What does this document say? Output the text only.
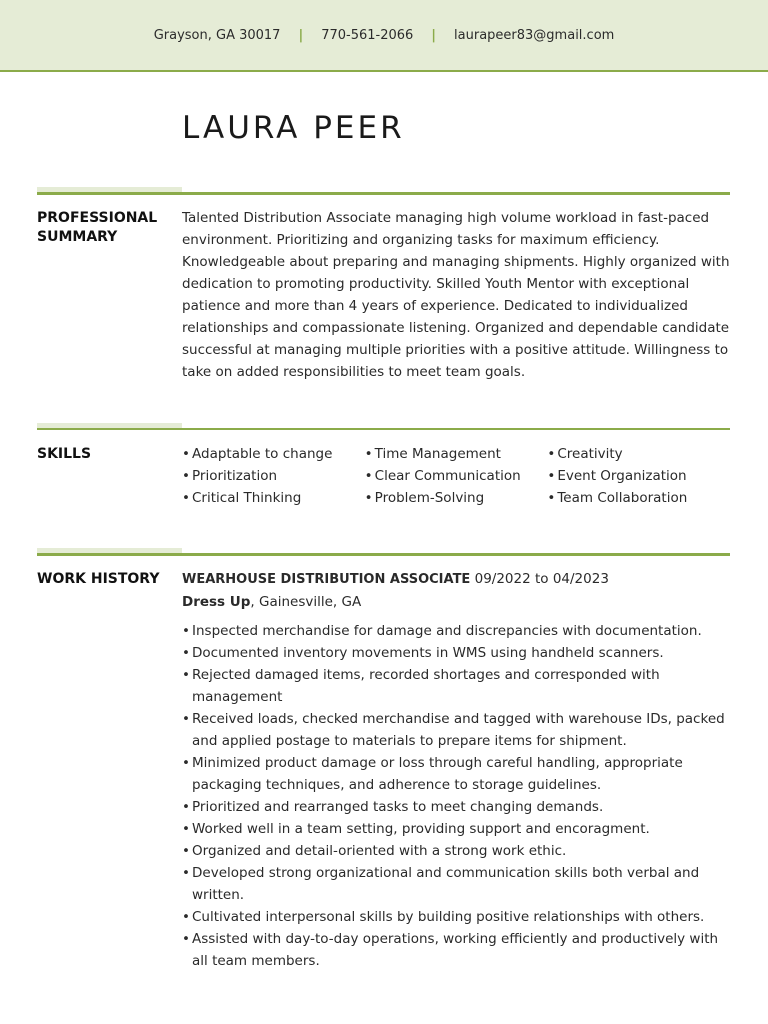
Grayson, GA 30017 | 770-561-2066 | laurapeer83@gmail.com
LAURA PEER
PROFESSIONAL SUMMARY

Talented Distribution Associate managing high volume workload in fast-paced environment. Prioritizing and organizing tasks for maximum efficiency. Knowledgeable about preparing and managing shipments. Highly organized with dedication to promoting productivity. Skilled Youth Mentor with exceptional patience and more than 4 years of experience. Dedicated to individualized relationships and compassionate listening. Organized and dependable candidate successful at managing multiple priorities with a positive attitude. Willingness to take on added responsibilities to meet team goals.

SKILLS
•	Adaptable to change
• Prioritization
• Critical Thinking
• Time Management
• Clear Communication
• Problem-Solving
• Creativity
• Event Organization
• Team Collaboration
WORK HISTORY	WEARHOUSE DISTRIBUTION ASSOCIATE 09/2022 to 04/2023

Dress Up, Gainesville, GA

• Inspected merchandise for damage and discrepancies with documentation.
• Documented inventory movements in WMS using handheld scanners.
• Rejected damaged items, recorded shortages and corresponded with management
• Received loads, checked merchandise and tagged with warehouse IDs, packed and applied postage to materials to prepare items for shipment.
• Minimized product damage or loss through careful handling, appropriate packaging techniques, and adherence to storage guidelines.
• Prioritized and rearranged tasks to meet changing demands.
• Worked well in a team setting, providing support and encoragment.
• Organized and detail-oriented with a strong work ethic.
• Developed strong organizational and communication skills both verbal and written.
• Cultivated interpersonal skills by building positive relationships with others.
• Assisted with day-to-day operations, working efficiently and productively with all team members.
